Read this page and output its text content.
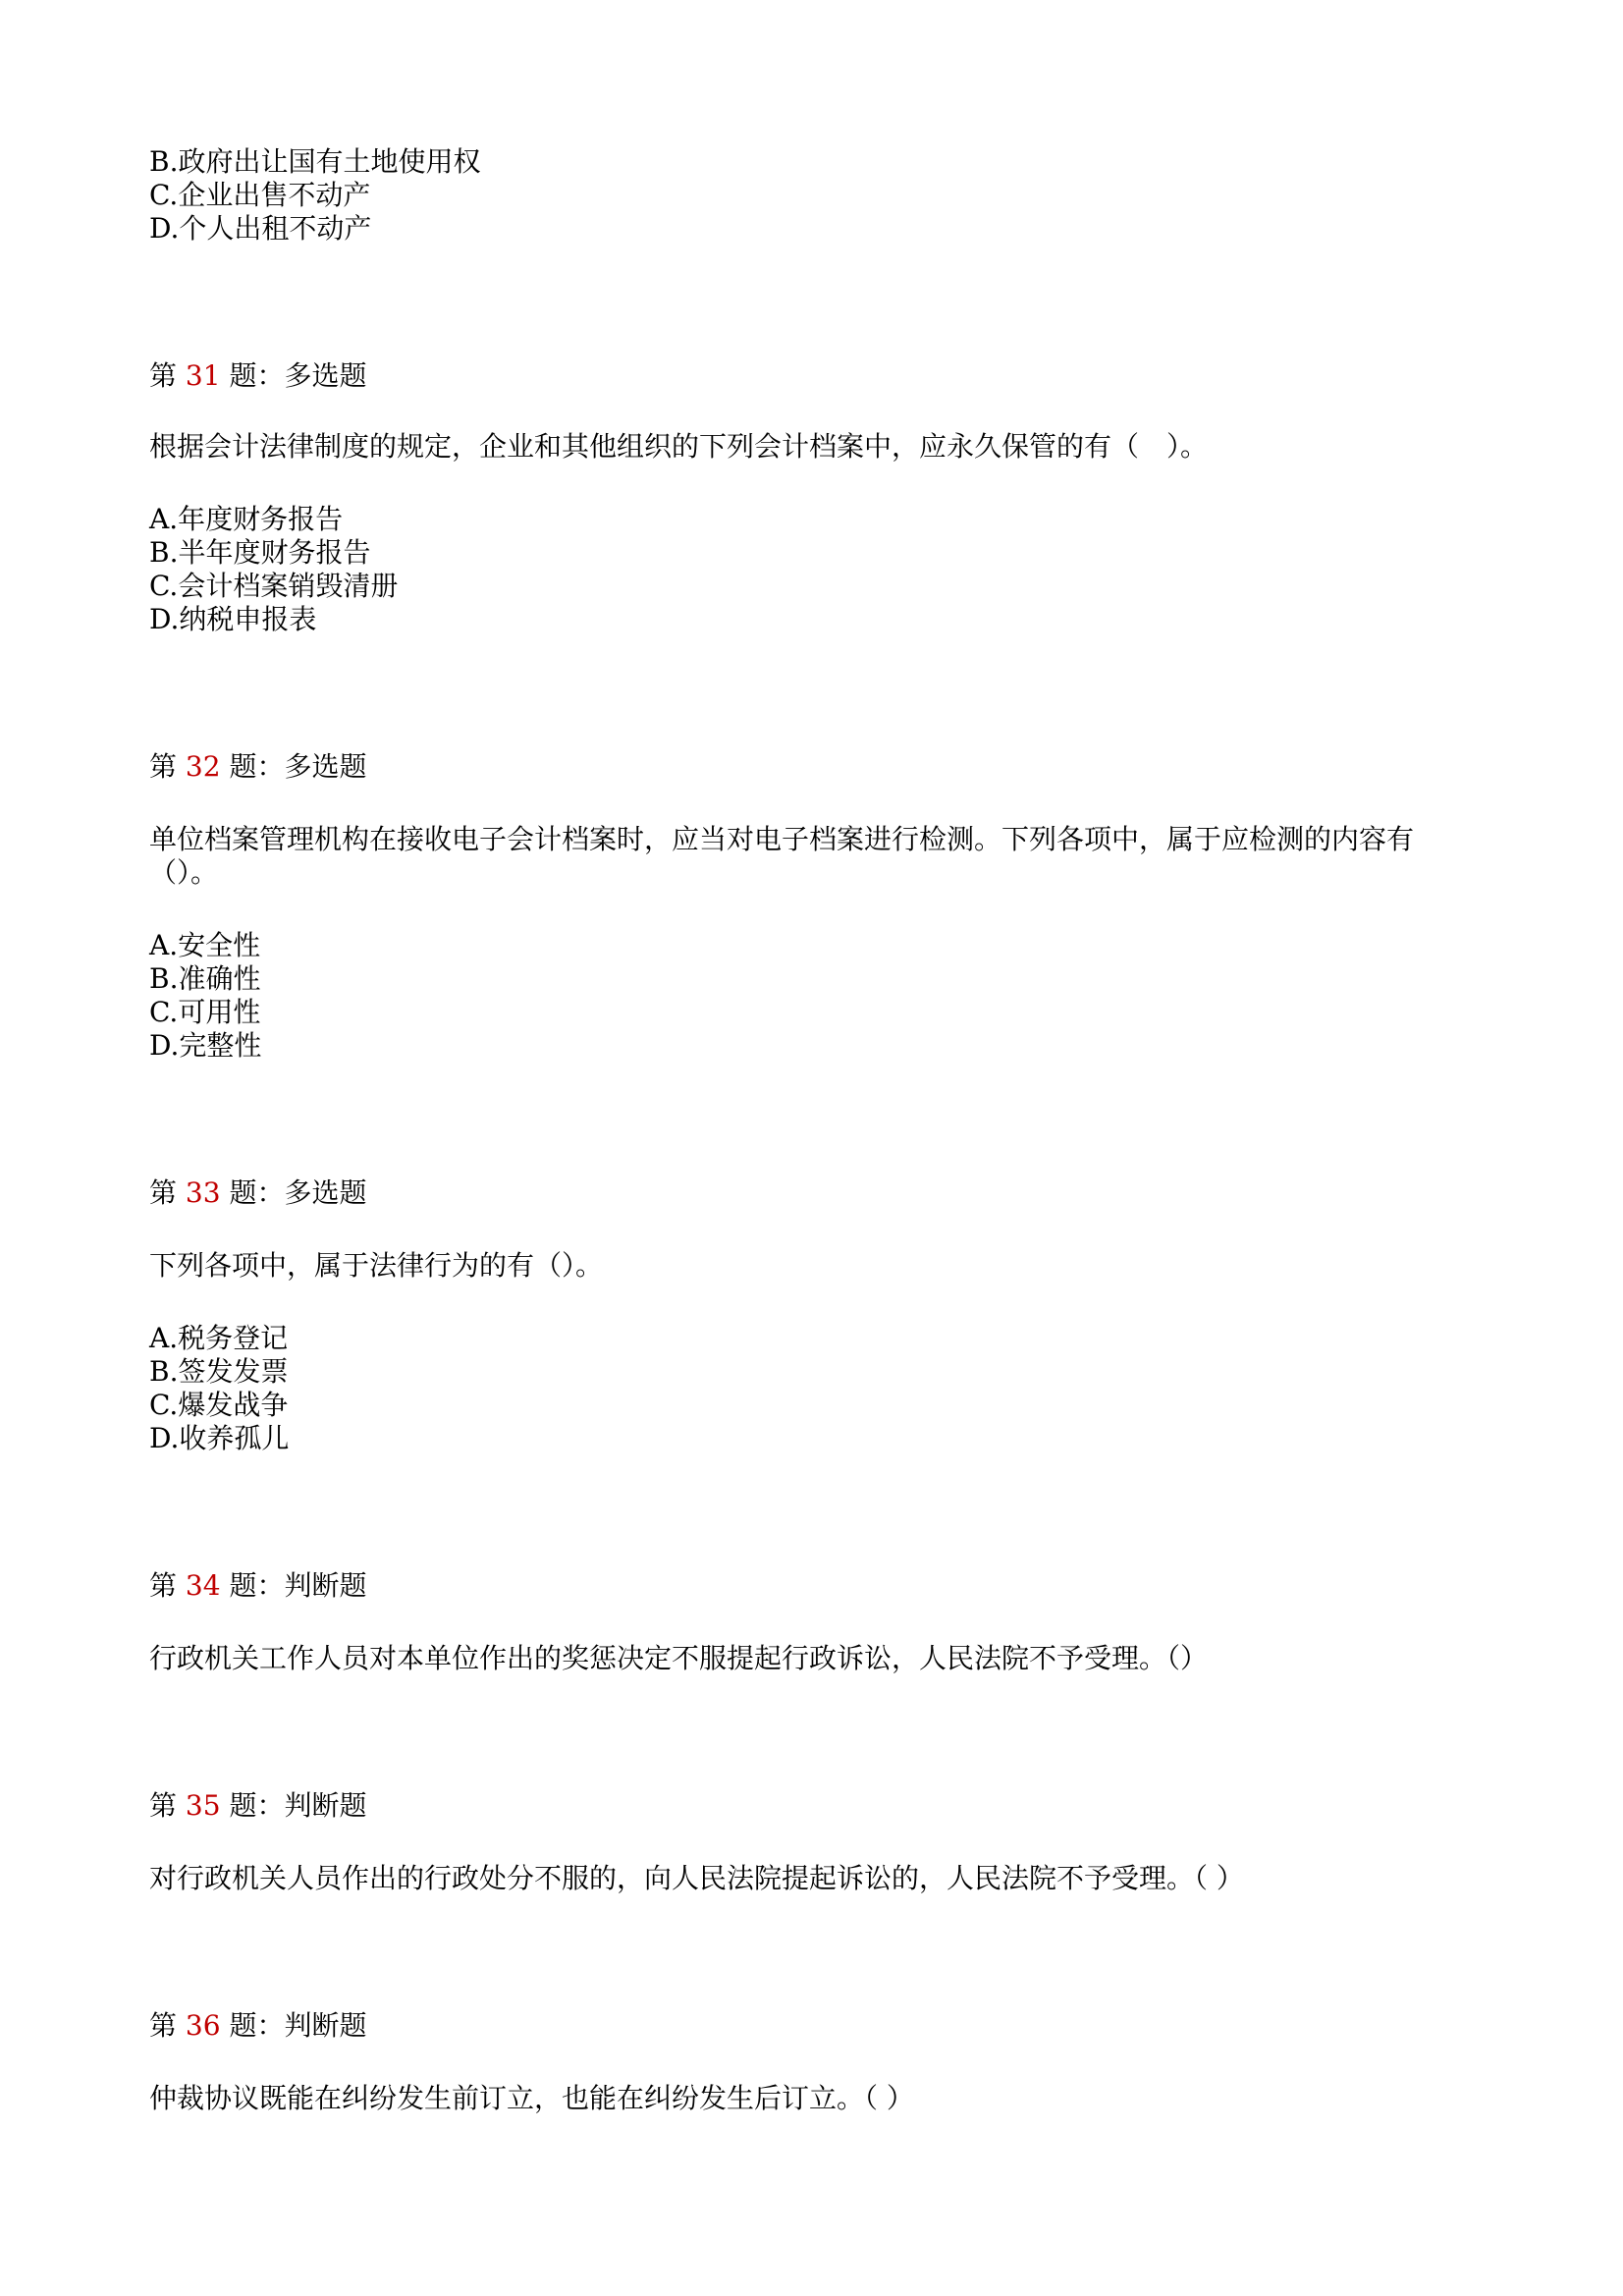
B.政府出让国有土地使用权
C.企业出售不动产
D.个人出租不动产
第 31 题：多选题
根据会计法律制度的规定，企业和其他组织的下列会计档案中，应永久保管的有（　）。
A.年度财务报告
B.半年度财务报告
C.会计档案销毁清册
D.纳税申报表
第 32 题：多选题
单位档案管理机构在接收电子会计档案时，应当对电子档案进行检测。下列各项中，属于应检测的内容有
（）。
A.安全性
B.准确性
C.可用性
D.完整性
第 33 题：多选题
下列各项中，属于法律行为的有（）。
A.税务登记
B.签发发票
C.爆发战争
D.收养孤儿
第 34 题：判断题
行政机关工作人员对本单位作出的奖惩决定不服提起行政诉讼，人民法院不予受理。（）
第 35 题：判断题
对行政机关人员作出的行政处分不服的，向人民法院提起诉讼的，人民法院不予受理。（ ）
第 36 题：判断题
仲裁协议既能在纠纷发生前订立，也能在纠纷发生后订立。（ ）
